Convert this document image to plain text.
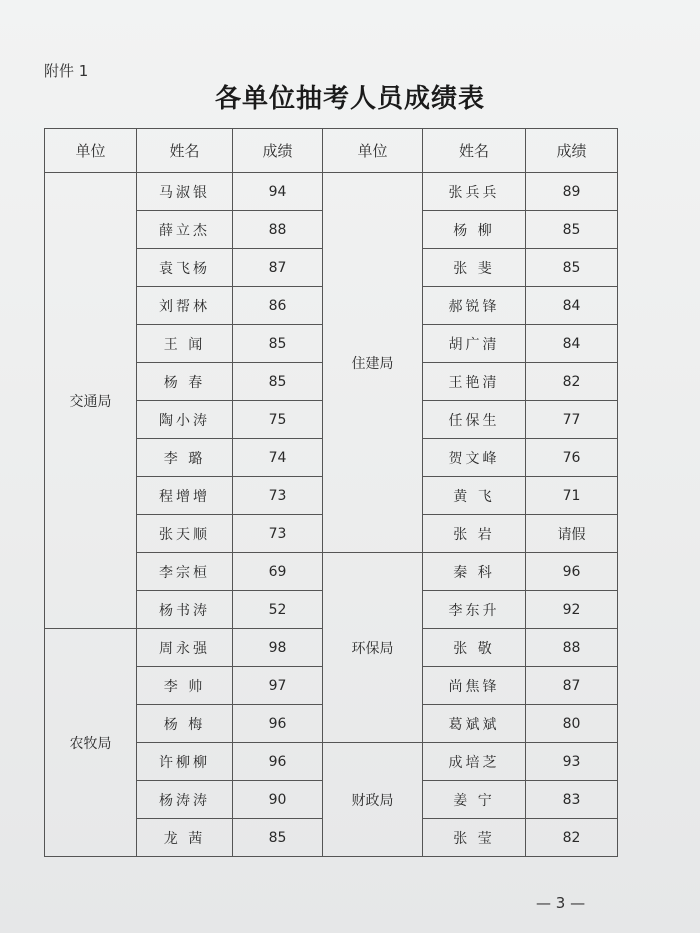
附件 1
各单位抽考人员成绩表
单位	姓名	成绩	单位	姓名	成绩
交通局	马淑银	94	住建局	张兵兵	89
	薛立杰	88		杨 柳	85
	袁飞杨	87		张 斐	85
	刘帮林	86		郝锐锋	84
	王 闻	85		胡广清	84
	杨 春	85		王艳清	82
	陶小涛	75		任保生	77
	李 璐	74		贺文峰	76
	程增增	73		黄 飞	71
	张天顺	73		张 岩	请假
	李宗桓	69	环保局	秦 科	96
	杨书涛	52		李东升	92
农牧局	周永强	98		张 敬	88
	李 帅	97		尚焦锋	87
	杨 梅	96		葛斌斌	80
	许柳柳	96	财政局	成培芝	93
	杨涛涛	90		姜 宁	83
	龙 茜	85		张 莹	82
— 3 —
